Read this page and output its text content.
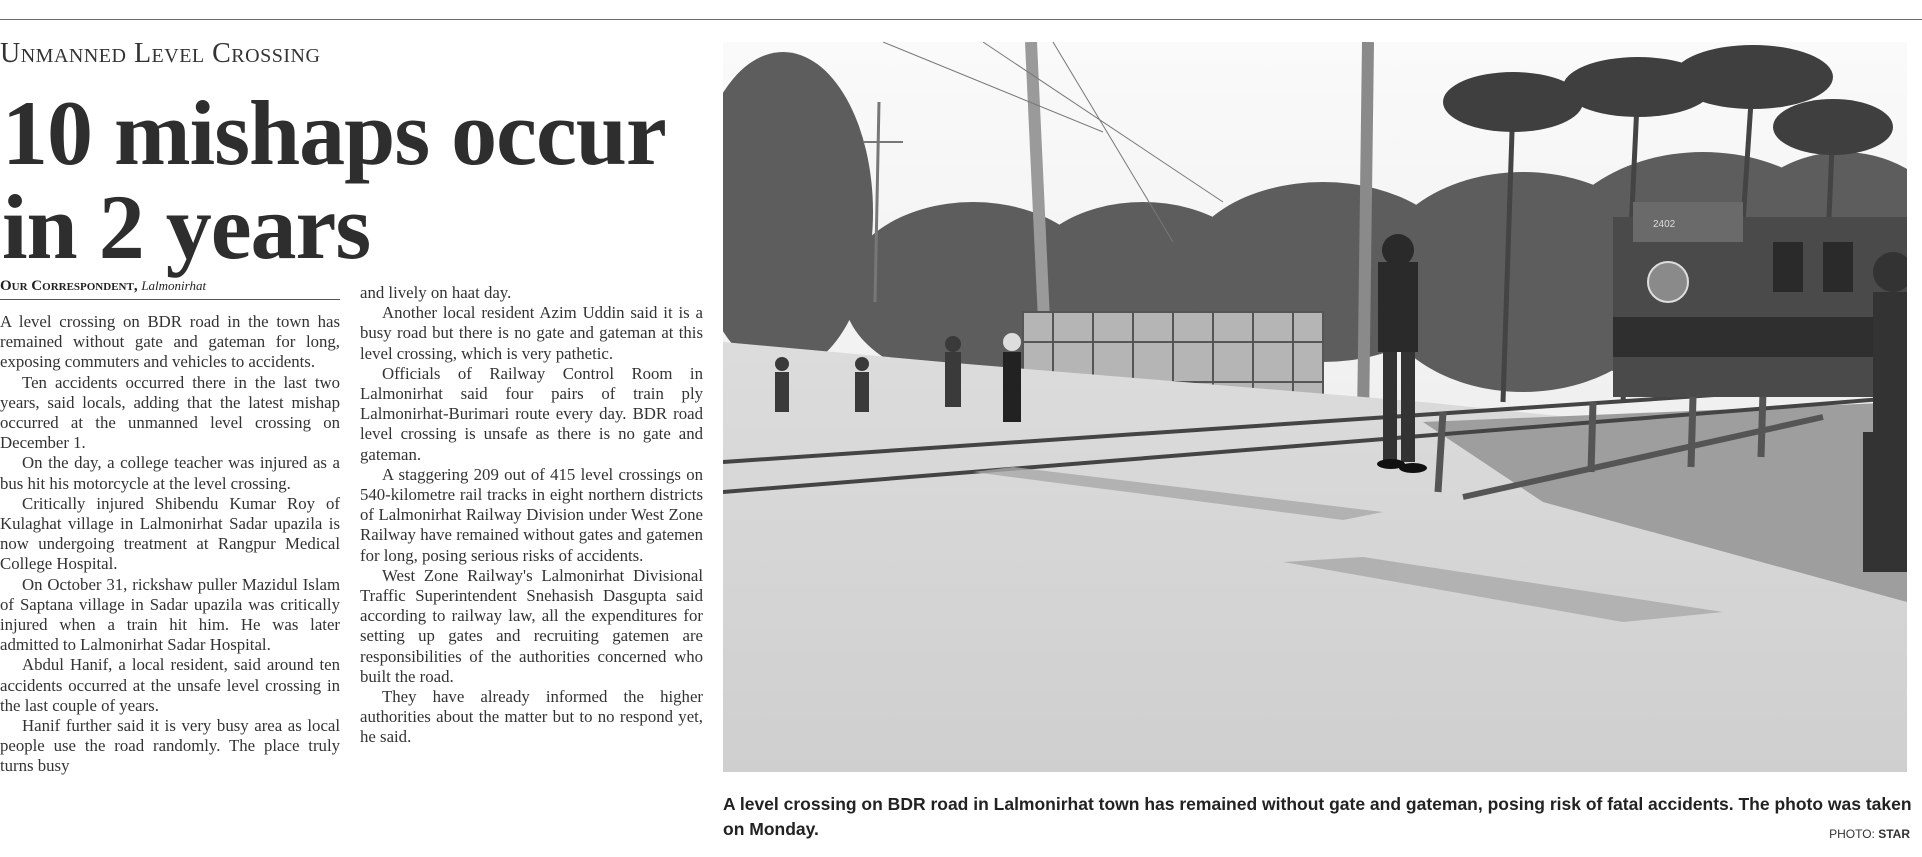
Unmanned Level Crossing
10 mishaps occur
in 2 years
Our Correspondent, Lalmonirhat

A level crossing on BDR road in the town has remained without gate and gateman for long, exposing commuters and vehicles to accidents.

Ten accidents occurred there in the last two years, said locals, adding that the latest mishap occurred at the unmanned level crossing on December 1.

On the day, a college teacher was injured as a bus hit his motorcycle at the level crossing.

Critically injured Shibendu Kumar Roy of Kulaghat village in Lalmonirhat Sadar upazila is now undergoing treatment at Rangpur Medical College Hospital.

On October 31, rickshaw puller Mazidul Islam of Saptana village in Sadar upazila was critically injured when a train hit him. He was later admitted to Lalmonirhat Sadar Hospital.

Abdul Hanif, a local resident, said around ten accidents occurred at the unsafe level crossing in the last couple of years.

Hanif further said it is very busy area as local people use the road randomly. The place truly turns busy

and lively on haat day.

Another local resident Azim Uddin said it is a busy road but there is no gate and gateman at this level crossing, which is very pathetic.

Officials of Railway Control Room in Lalmonirhat said four pairs of train ply Lalmonirhat-Burimari route every day. BDR road level crossing is unsafe as there is no gate and gateman.

A staggering 209 out of 415 level crossings on 540-kilometre rail tracks in eight northern districts of Lalmonirhat Railway Division under West Zone Railway have remained without gates and gatemen for long, posing serious risks of accidents.

West Zone Railway's Lalmonirhat Divisional Traffic Superintendent Snehasish Dasgupta said according to railway law, all the expenditures for setting up gates and recruiting gatemen are responsibilities of the authorities concerned who built the road.

They have already informed the higher authorities about the matter but to no respond yet, he said.

2402
A level crossing on BDR road in Lalmonirhat town has remained without gate and gateman, posing risk of fatal accidents. The photo was taken on Monday.	PHOTO: STAR
